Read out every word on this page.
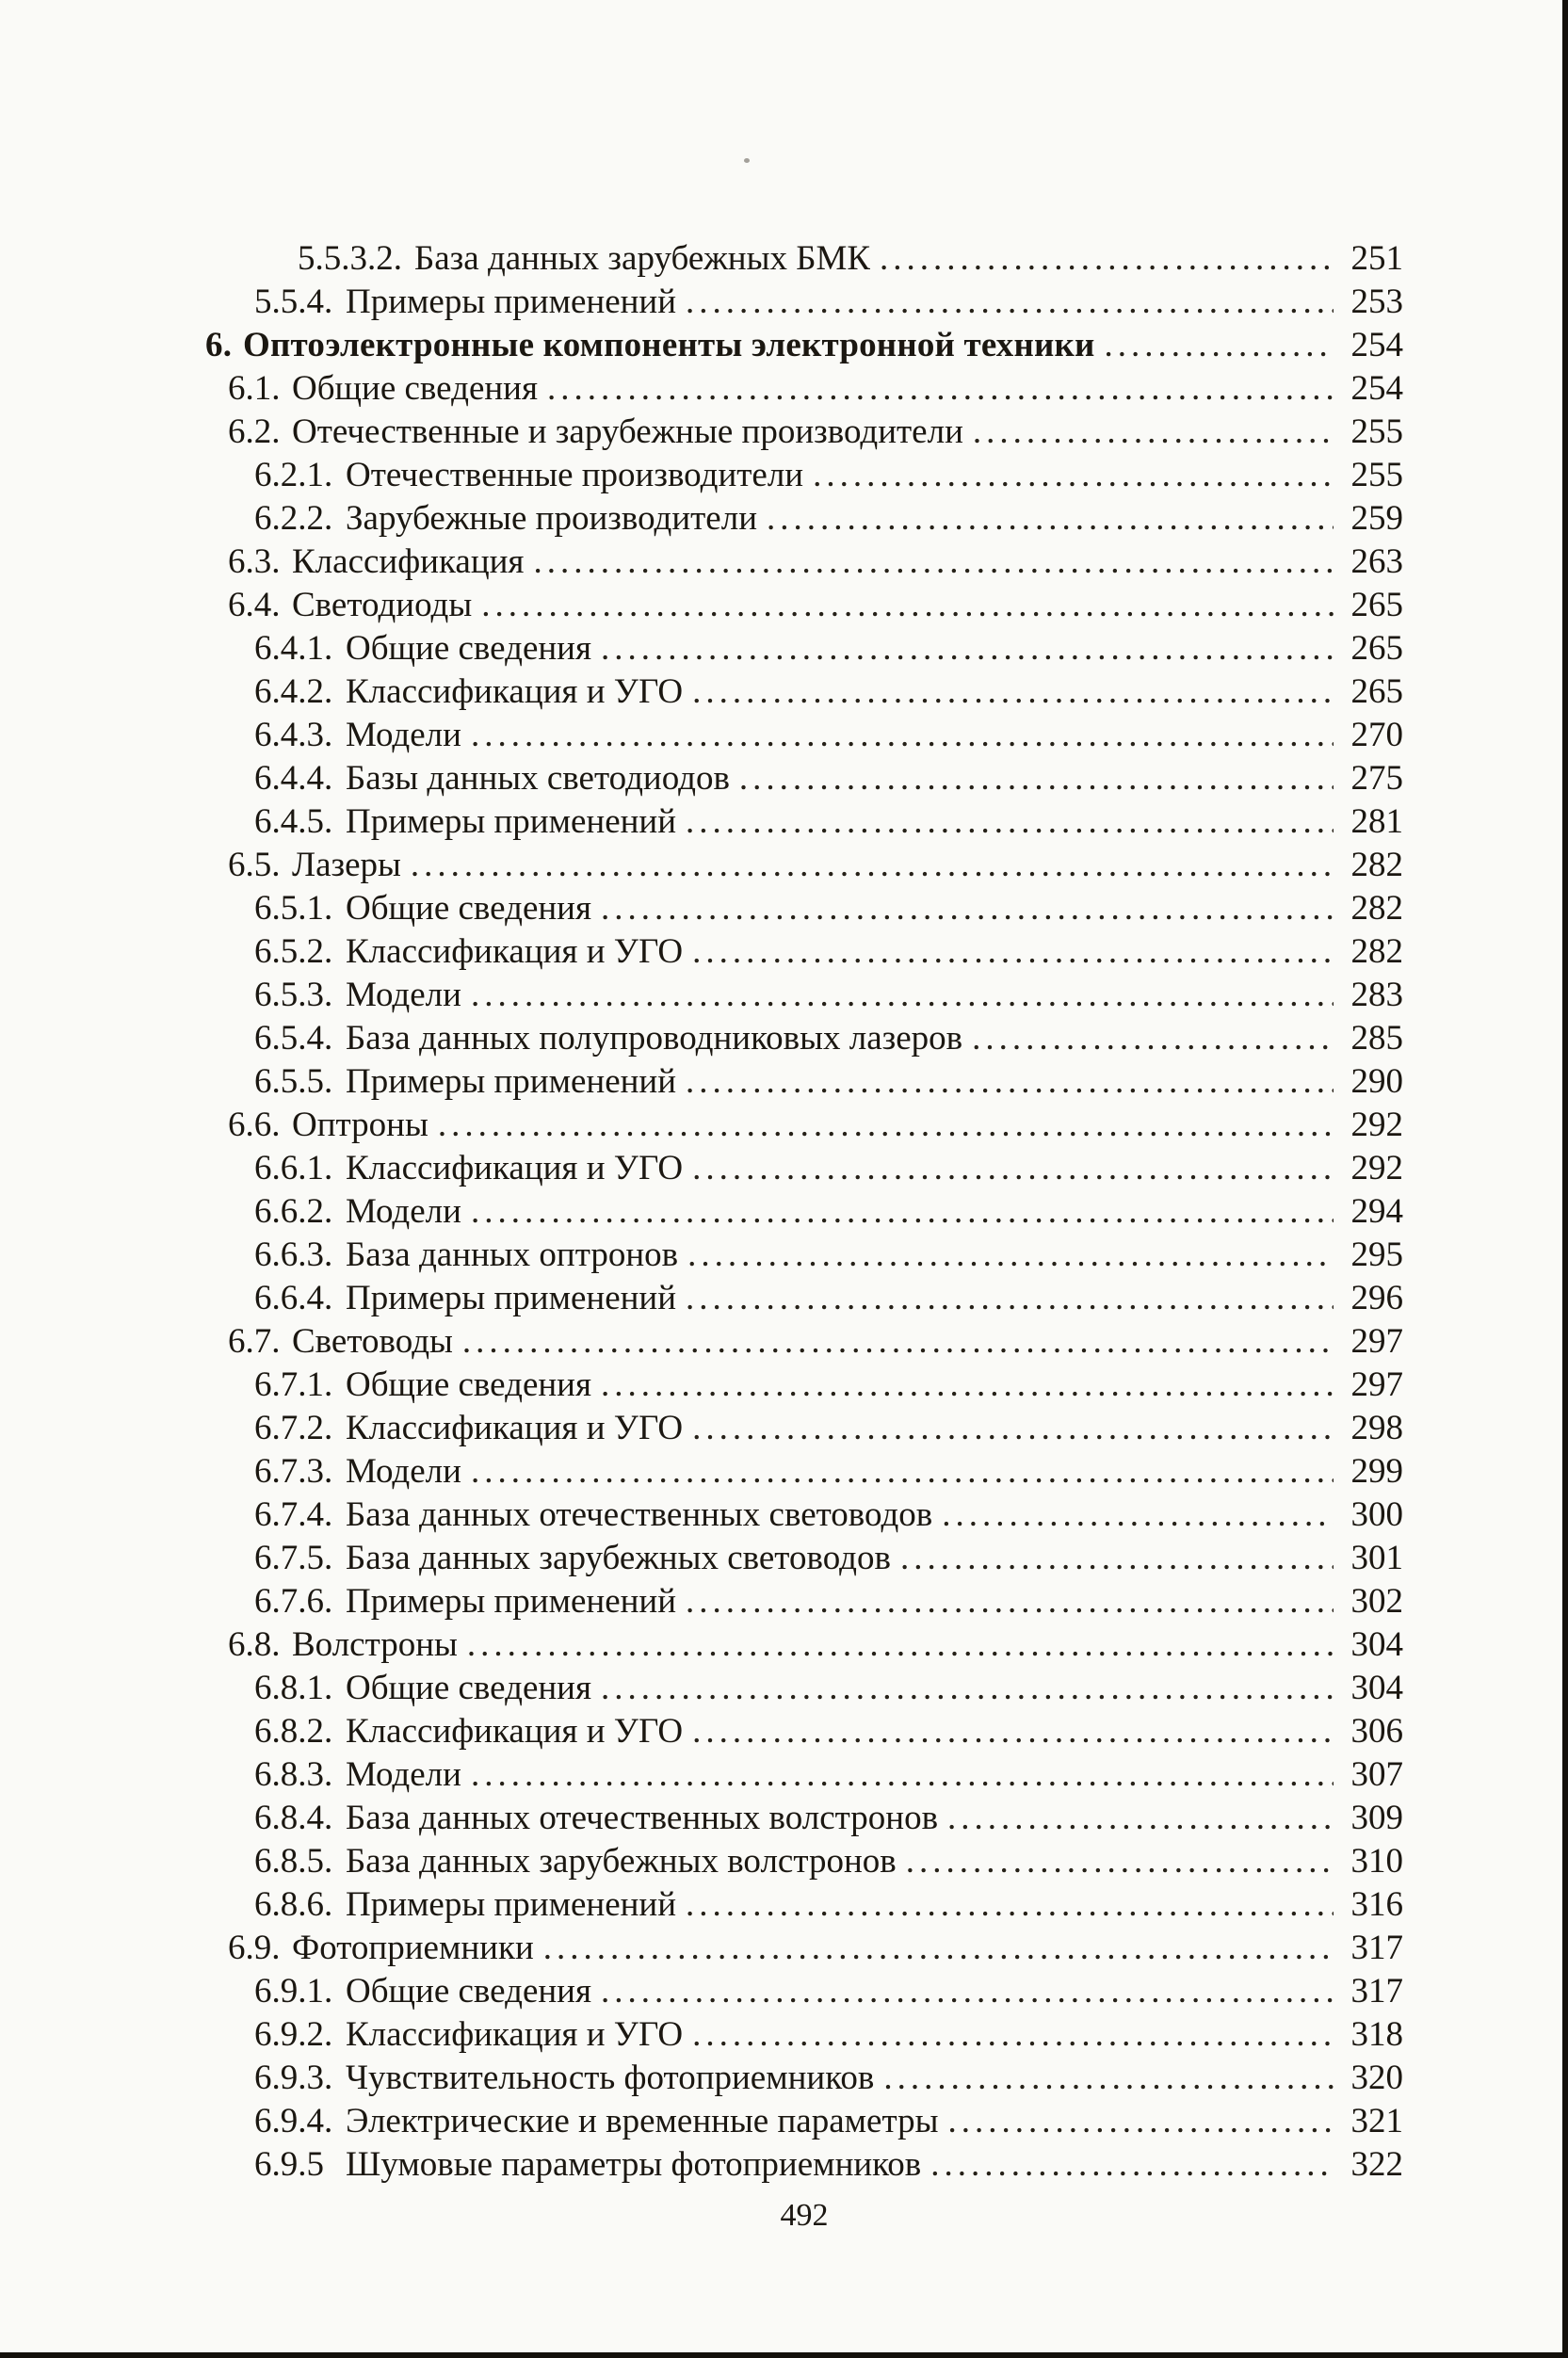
5.5.3.2. База данных зарубежных БМК .....	251
5.5.4. Примеры применений .....	253
6. Оптоэлектронные компоненты электронной техники .....	254
6.1. Общие сведения .....	254
6.2. Отечественные и зарубежные производители .....	255
6.2.1. Отечественные производители .....	255
6.2.2. Зарубежные производители .....	259
6.3. Классификация .....	263
6.4. Светодиоды .....	265
6.4.1. Общие сведения .....	265
6.4.2. Классификация и УГО .....	265
6.4.3. Модели .....	270
6.4.4. Базы данных светодиодов .....	275
6.4.5. Примеры применений .....	281
6.5. Лазеры .....	282
6.5.1. Общие сведения .....	282
6.5.2. Классификация и УГО .....	282
6.5.3. Модели .....	283
6.5.4. База данных полупроводниковых лазеров .....	285
6.5.5. Примеры применений .....	290
6.6. Оптроны .....	292
6.6.1. Классификация и УГО .....	292
6.6.2. Модели .....	294
6.6.3. База данных оптронов .....	295
6.6.4. Примеры применений .....	296
6.7. Световоды .....	297
6.7.1. Общие сведения .....	297
6.7.2. Классификация и УГО .....	298
6.7.3. Модели .....	299
6.7.4. База данных отечественных световодов .....	300
6.7.5. База данных зарубежных световодов .....	301
6.7.6. Примеры применений .....	302
6.8. Волстроны .....	304
6.8.1. Общие сведения .....	304
6.8.2. Классификация и УГО .....	306
6.8.3. Модели .....	307
6.8.4. База данных отечественных волстронов .....	309
6.8.5. База данных зарубежных волстронов .....	310
6.8.6. Примеры применений .....	316
6.9. Фотоприемники .....	317
6.9.1. Общие сведения .....	317
6.9.2. Классификация и УГО .....	318
6.9.3. Чувствительность фотоприемников .....	320
6.9.4. Электрические и временные параметры .....	321
6.9.5 Шумовые параметры фотоприемников .....	322
492
